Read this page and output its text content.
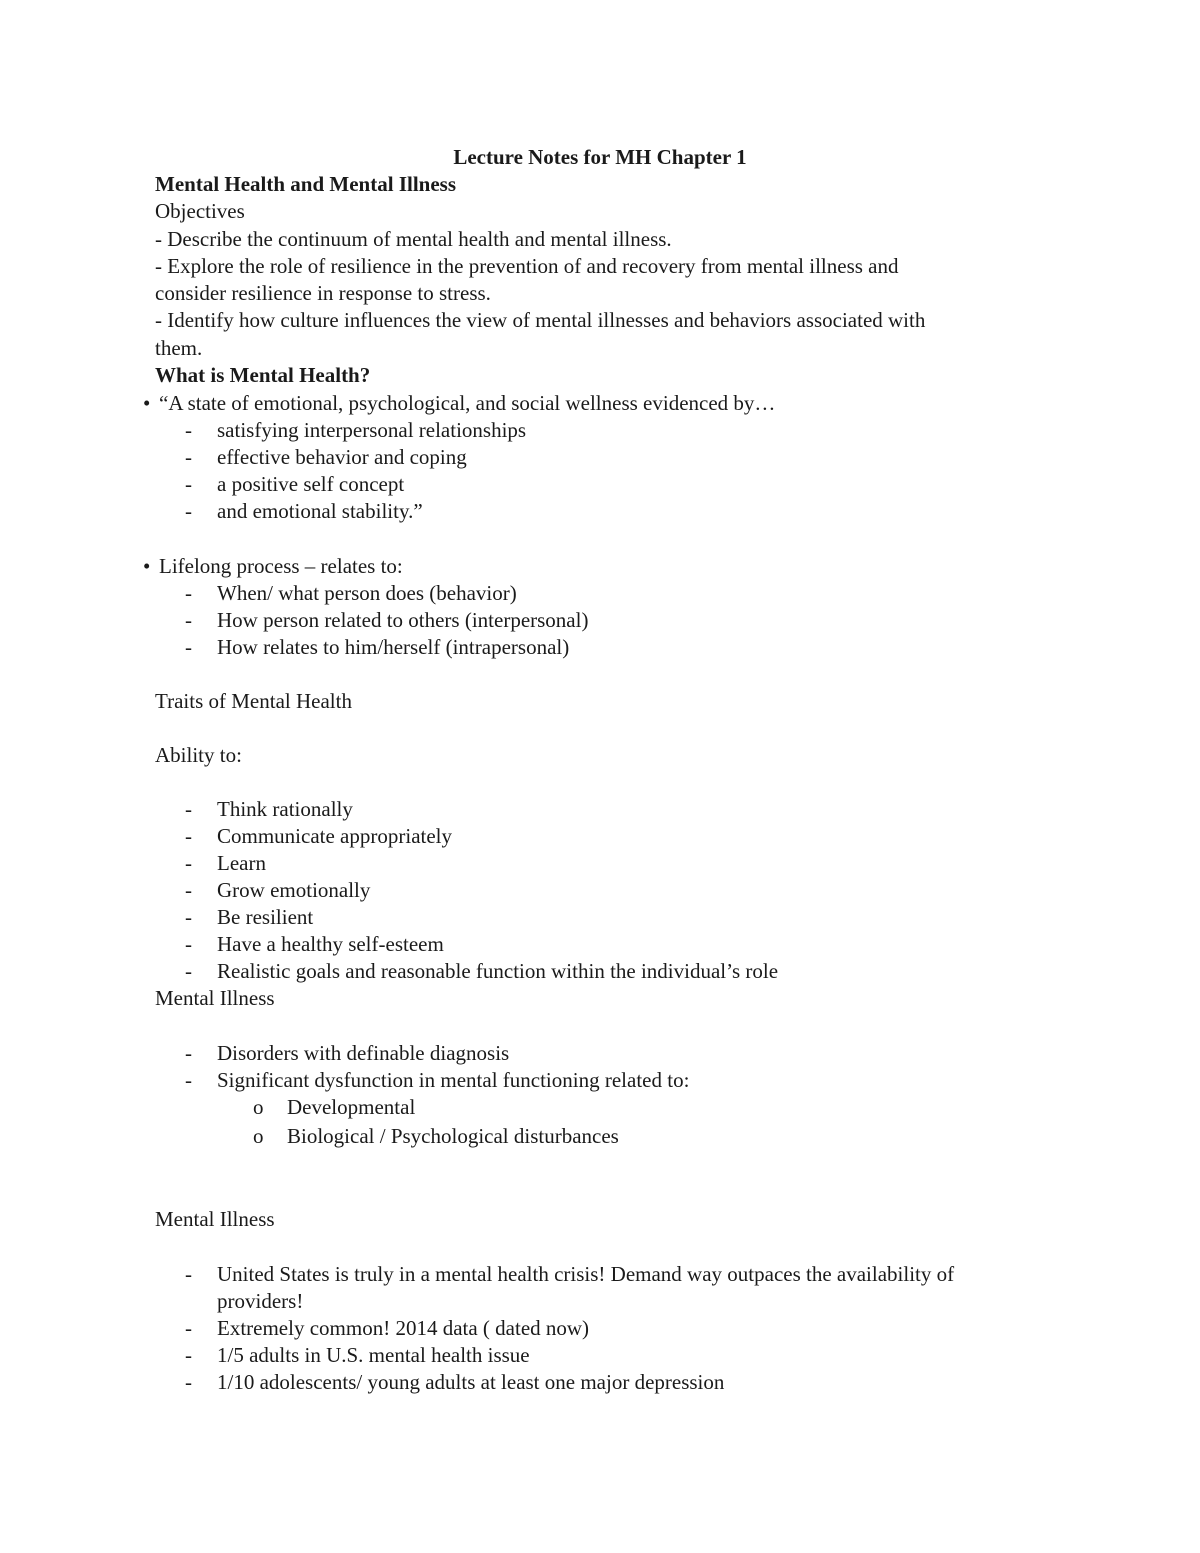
Lecture Notes for MH Chapter 1
Mental Health and Mental Illness
Objectives
- Describe the continuum of mental health and mental illness.
- Explore the role of resilience in the prevention of and recovery from mental illness and
consider resilience in response to stress.
- Identify how culture influences the view of mental illnesses and behaviors associated with
them.
What is Mental Health?
• “A state of emotional, psychological, and social wellness evidenced by…
- satisfying interpersonal relationships
- effective behavior and coping
- a positive self concept
- and emotional stability.”
• Lifelong process – relates to:
- When/ what person does (behavior)
- How person related to others (interpersonal)
- How relates to him/herself (intrapersonal)
Traits of Mental Health
Ability to:
- Think rationally
- Communicate appropriately
- Learn
- Grow emotionally
- Be resilient
- Have a healthy self-esteem
- Realistic goals and reasonable function within the individual’s role
Mental Illness
- Disorders with definable diagnosis
- Significant dysfunction in mental functioning related to:
o Developmental
o Biological / Psychological disturbances
Mental Illness
- United States is truly in a mental health crisis! Demand way outpaces the availability of
providers!
- Extremely common! 2014 data ( dated now)
- 1/5 adults in U.S. mental health issue
- 1/10 adolescents/ young adults at least one major depression
